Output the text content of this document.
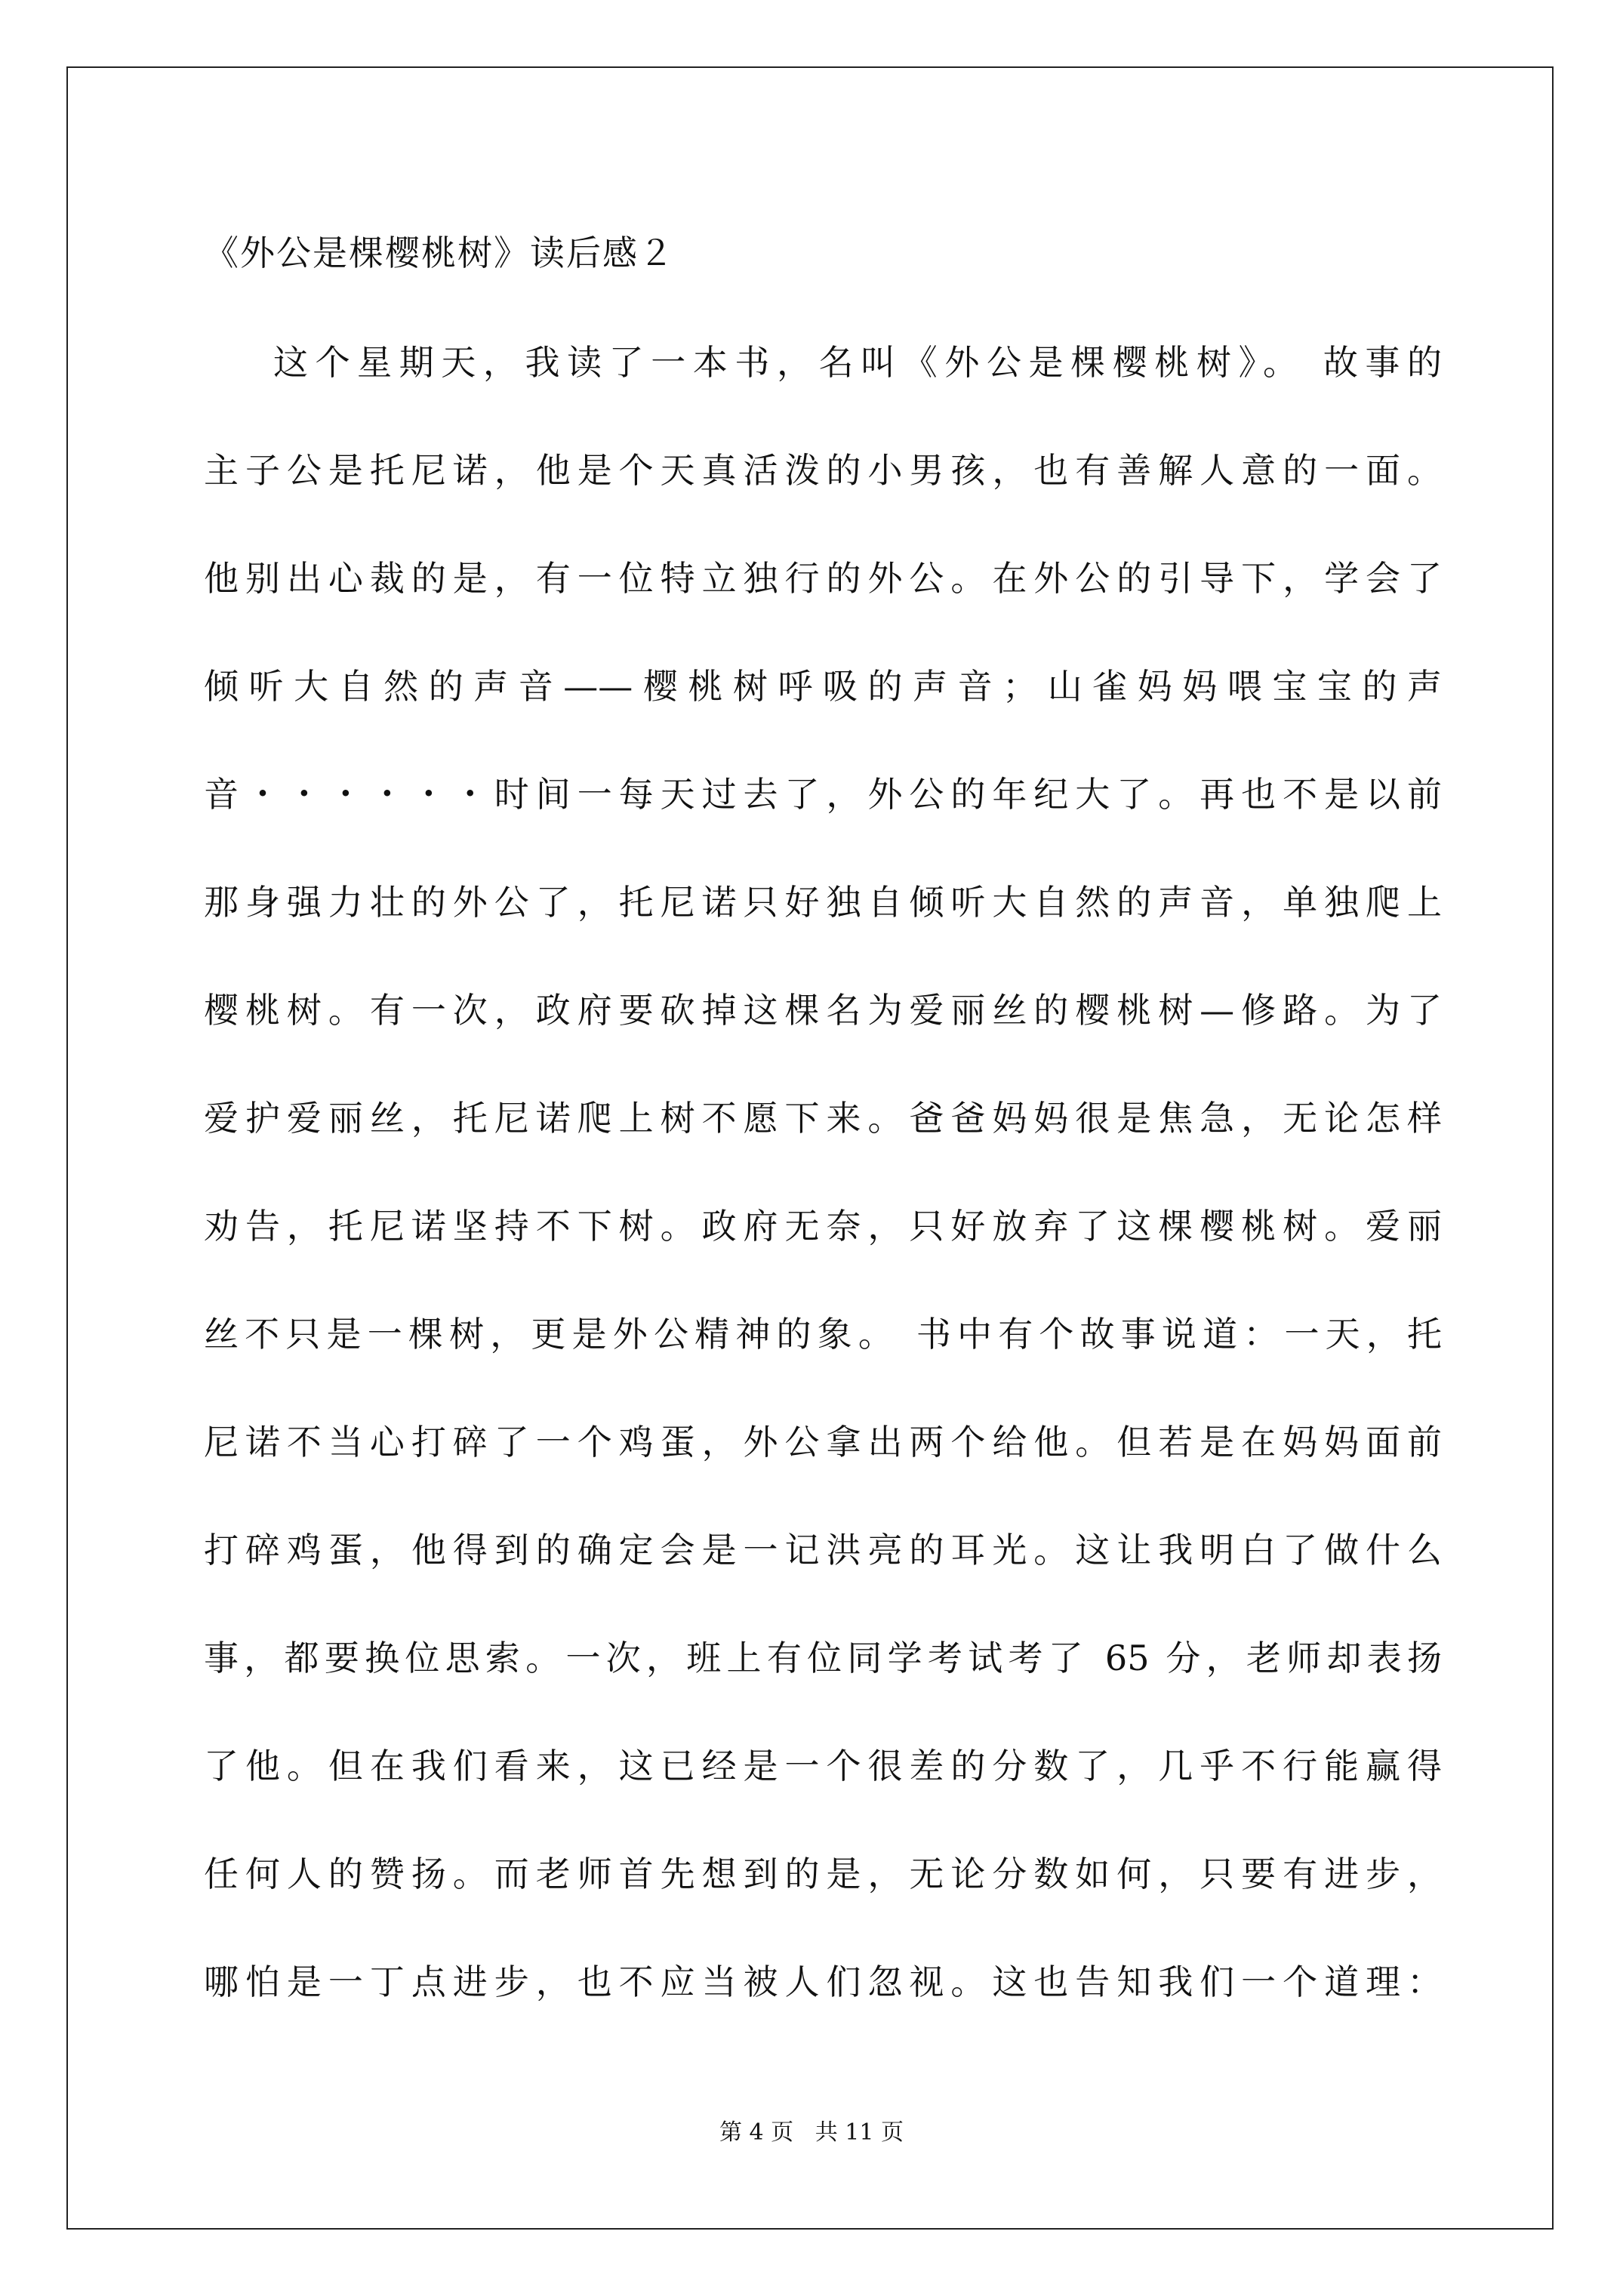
《外公是棵樱桃树》读后感２
这个星期天，我读了一本书，名叫《外公是棵樱桃树》。 故事的
主子公是托尼诺，他是个天真活泼的小男孩，也有善解人意的一面。
他别出心裁的是，有一位特立独行的外公。在外公的引导下，学会了
倾听大自然的声音——樱桃树呼吸的声音；山雀妈妈喂宝宝的声
音・・・・・・时间一每天过去了，外公的年纪大了。再也不是以前
那身强力壮的外公了，托尼诺只好独自倾听大自然的声音，单独爬上
樱桃树。有一次，政府要砍掉这棵名为爱丽丝的樱桃树—修路。为了
爱护爱丽丝，托尼诺爬上树不愿下来。爸爸妈妈很是焦急，无论怎样
劝告，托尼诺坚持不下树。政府无奈，只好放弃了这棵樱桃树。爱丽
丝不只是一棵树，更是外公精神的象。 书中有个故事说道：一天，托
尼诺不当心打碎了一个鸡蛋，外公拿出两个给他。但若是在妈妈面前
打碎鸡蛋，他得到的确定会是一记洪亮的耳光。这让我明白了做什么
事，都要换位思索。一次，班上有位同学考试考了 65 分，老师却表扬
了他。但在我们看来，这已经是一个很差的分数了，几乎不行能赢得
任何人的赞扬。而老师首先想到的是，无论分数如何，只要有进步，
哪怕是一丁点进步，也不应当被人们忽视。这也告知我们一个道理：
第 4 页   共 11 页
